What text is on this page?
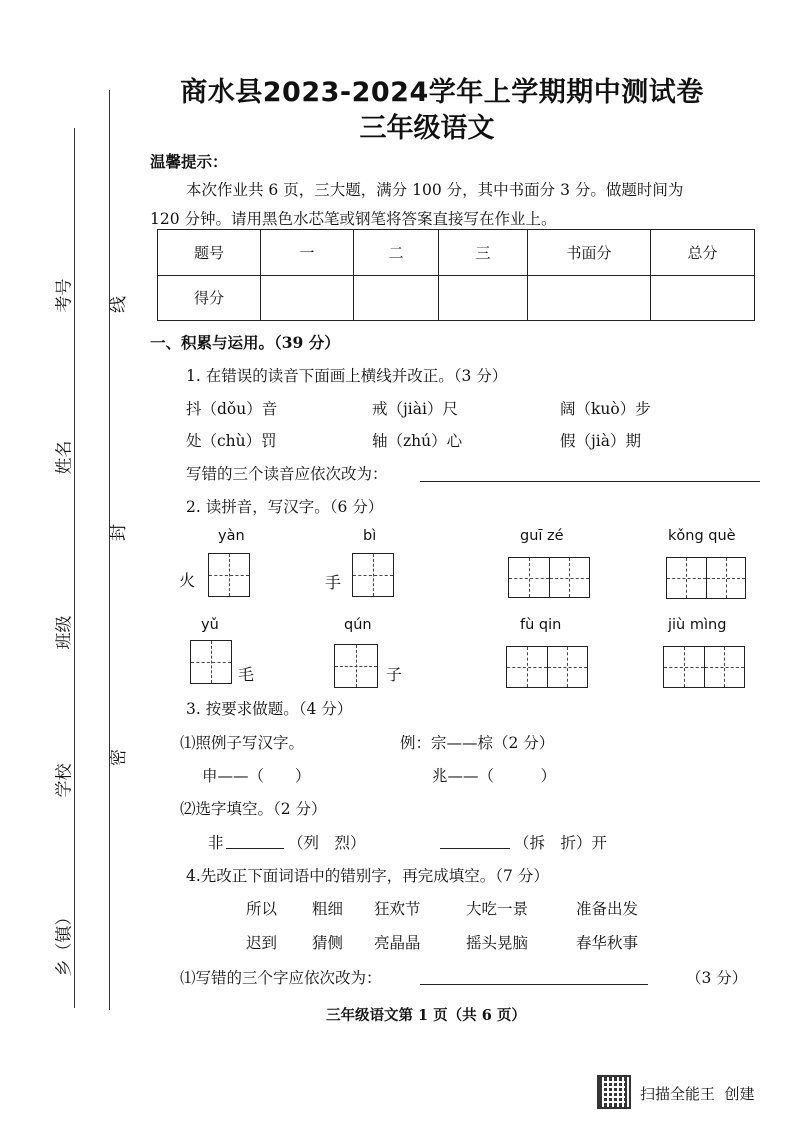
考号
姓名
班级
学校
乡（镇）
线
封
密
商水县2023-2024学年上学期期中测试卷
三年级语文
温馨提示：
本次作业共 6 页，三大题，满分 100 分，其中书面分 3 分。做题时间为
120 分钟。请用黑色水芯笔或钢笔将答案直接写在作业上。
题号	一	二	三	书面分	总分
得分					
一、积累与运用。（39 分）
1. 在错误的读音下面画上横线并改正。（3 分）
抖（dǒu）音	戒（jiài）尺	阔（kuò）步
处（chù）罚	轴（zhú）心	假（jià）期
写错的三个读音应依次改为：
2. 读拼音，写汉字。（6 分）
yàn
火
bì
手
guī zé	kǒng què
yǔ
毛
qún
子
fù qin	jiù mìng
3. 按要求做题。（4 分）
⑴照例子写汉字。	例：宗——棕（2 分）
申——（　　）	兆——（　　　）
⑵选字填空。（2 分）
非	（列　烈）	（拆　折）开
4.先改正下面词语中的错别字，再完成填空。（7 分）
所以 粗细 狂欢节	大吃一景	准备出发
迟到 猜侧 亮晶晶	摇头晃脑	春华秋事
⑴写错的三个字应依次改为：	（3 分）
三年级语文第 1 页（共 6 页）
扫描全能王  创建
